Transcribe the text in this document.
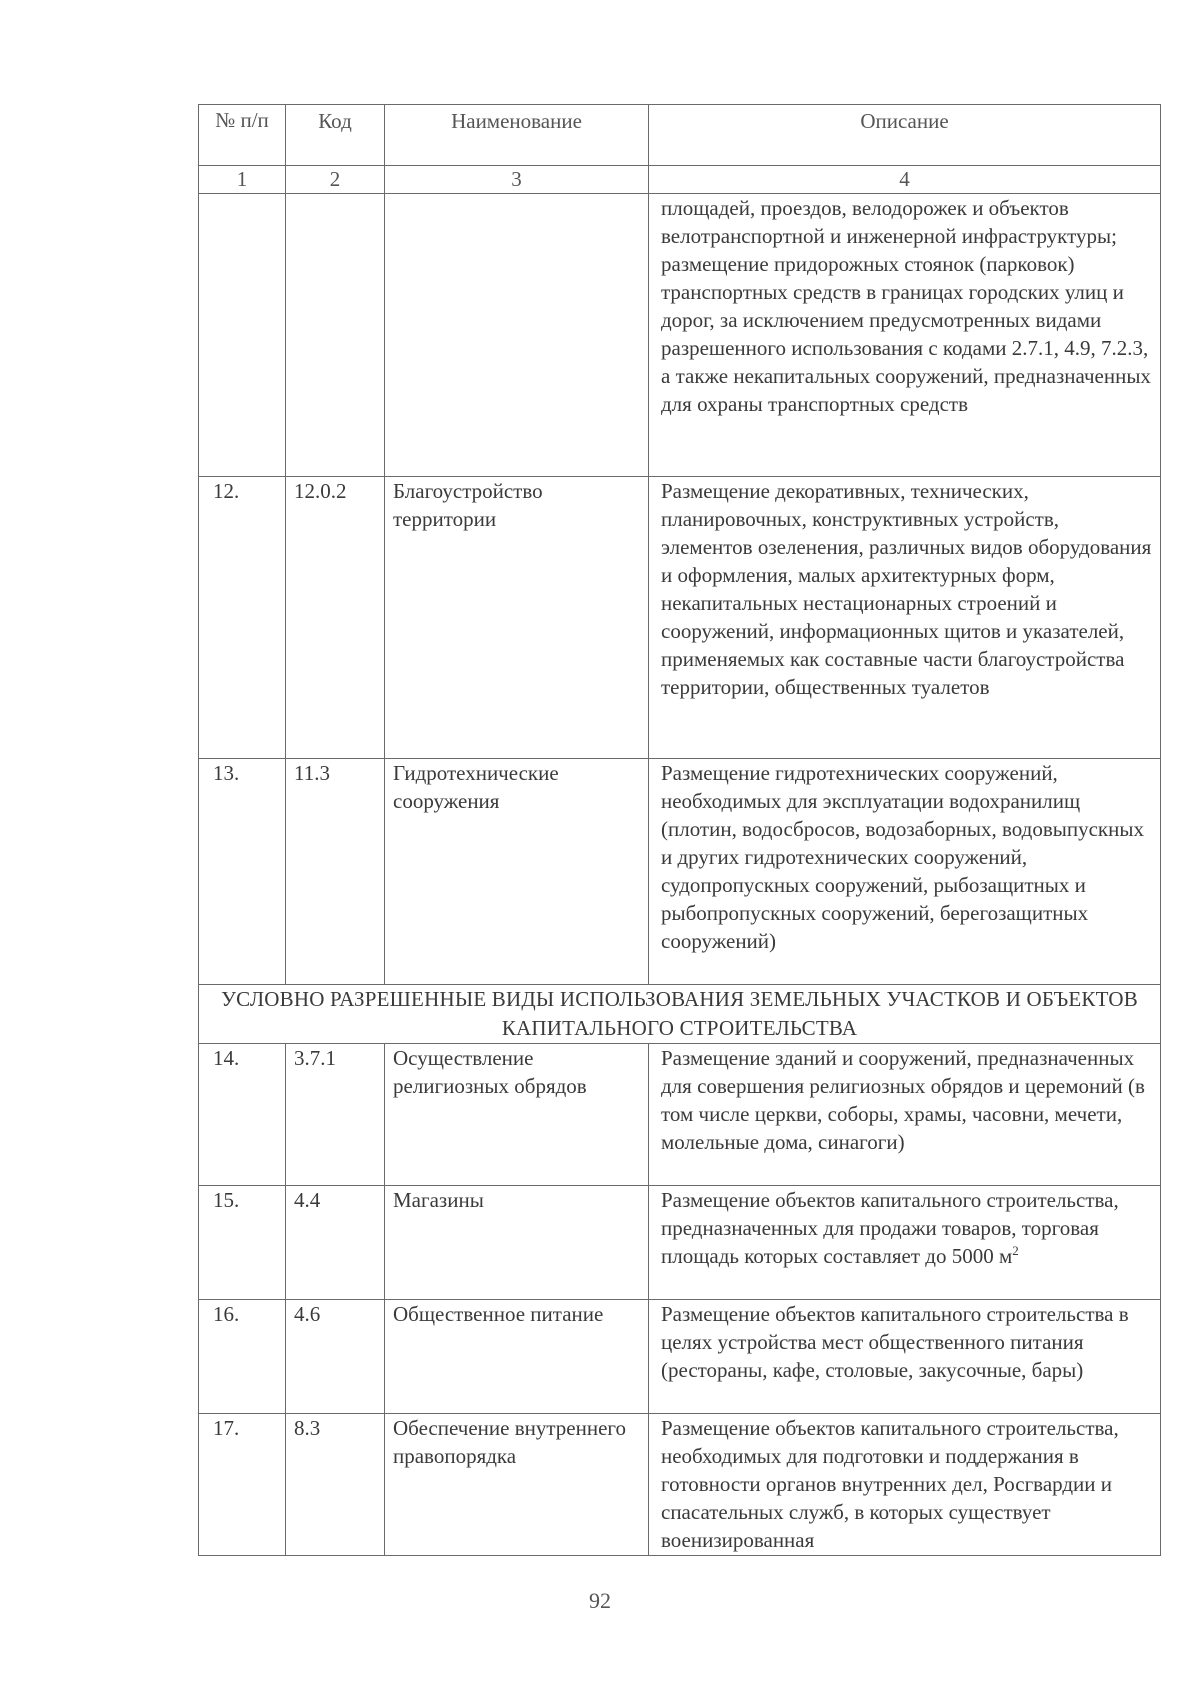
№ п/п	Код	Наименование	Описание
1	2	3	4
			площадей, проездов, велодорожек и объектов велотранспортной и инженерной инфраструктуры; размещение придорожных стоянок (парковок) транспортных средств в границах городских улиц и дорог, за исключением предусмотренных видами разрешенного использования с кодами 2.7.1, 4.9, 7.2.3, а также некапитальных сооружений, предназначенных для охраны транспортных средств
12.	12.0.2	Благоустройство территории	Размещение декоративных, технических, планировочных, конструктивных устройств, элементов озеленения, различных видов оборудования и оформления, малых архитектурных форм, некапитальных нестационарных строений и сооружений, информационных щитов и указателей, применяемых как составные части благоустройства территории, общественных туалетов
13.	11.3	Гидротехнические сооружения	Размещение гидротехнических сооружений, необходимых для эксплуатации водохранилищ (плотин, водосбросов, водозаборных, водовыпускных и других гидротехнических сооружений, судопропускных сооружений, рыбозащитных и рыбопропускных сооружений, берегозащитных сооружений)
УСЛОВНО РАЗРЕШЕННЫЕ ВИДЫ ИСПОЛЬЗОВАНИЯ ЗЕМЕЛЬНЫХ УЧАСТКОВ И ОБЪЕКТОВ КАПИТАЛЬНОГО СТРОИТЕЛЬСТВА			
14.	3.7.1	Осуществление религиозных обрядов	Размещение зданий и сооружений, предназначенных для совершения религиозных обрядов и церемоний (в том числе церкви, соборы, храмы, часовни, мечети, молельные дома, синагоги)
15.	4.4	Магазины	Размещение объектов капитального строительства, предназначенных для продажи товаров, торговая площадь которых составляет до 5000 $м^2$
16.	4.6	Общественное питание	Размещение объектов капитального строительства в целях устройства мест общественного питания (рестораны, кафе, столовые, закусочные, бары)
17.	8.3	Обеспечение внутреннего правопорядка	Размещение объектов капитального строительства, необходимых для подготовки и поддержания в готовности органов внутренних дел, Росгвардии и спасательных служб, в которых существует военизированная
92
